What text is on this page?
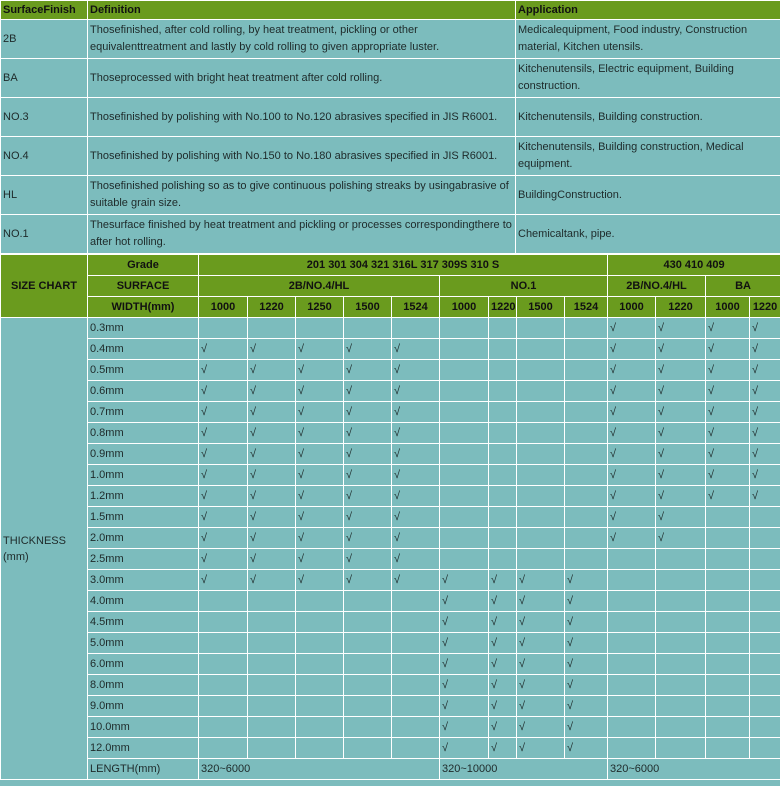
SurfaceFinish	Definition	Application
2B	Thosefinished, after cold rolling, by heat treatment, pickling or other equivalenttreatment and lastly by cold rolling to given appropriate luster.	Medicalequipment, Food industry, Construction material, Kitchen utensils.
BA	Thoseprocessed with bright heat treatment after cold rolling.	Kitchenutensils, Electric equipment, Building construction.
NO.3	Thosefinished by polishing with No.100 to No.120 abrasives specified in JIS R6001.	Kitchenutensils, Building construction.
NO.4	Thosefinished by polishing with No.150 to No.180 abrasives specified in JIS R6001.	Kitchenutensils, Building construction, Medical equipment.
HL	Thosefinished polishing so as to give continuous polishing streaks by usingabrasive of suitable grain size.	BuildingConstruction.
NO.1	Thesurface finished by heat treatment and pickling or processes correspondingthere to after hot rolling.	Chemicaltank, pipe.
SIZE CHART	Grade	201 301 304 321 316L 317 309S 310 S									430 410 409			
	SURFACE	2B/NO.4/HL					NO.1				2B/NO.4/HL		BA	
	WIDTH(mm)	1000	1220	1250	1500	1524	1000	1220	1500	1524	1000	1220	1000	1220
THICKNESS (mm)	0.3mm										√	√	√	√
	0.4mm	√	√	√	√	√					√	√	√	√
	0.5mm	√	√	√	√	√					√	√	√	√
	0.6mm	√	√	√	√	√					√	√	√	√
	0.7mm	√	√	√	√	√					√	√	√	√
	0.8mm	√	√	√	√	√					√	√	√	√
	0.9mm	√	√	√	√	√					√	√	√	√
	1.0mm	√	√	√	√	√					√	√	√	√
	1.2mm	√	√	√	√	√					√	√	√	√
	1.5mm	√	√	√	√	√					√	√		
	2.0mm	√	√	√	√	√					√	√		
	2.5mm	√	√	√	√	√								
	3.0mm	√	√	√	√	√	√	√	√	√				
	4.0mm						√	√	√	√				
	4.5mm						√	√	√	√				
	5.0mm						√	√	√	√				
	6.0mm						√	√	√	√				
	8.0mm						√	√	√	√				
	9.0mm						√	√	√	√				
	10.0mm						√	√	√	√				
	12.0mm						√	√	√	√				
	LENGTH(mm)	320~6000					320~10000				320~6000			
